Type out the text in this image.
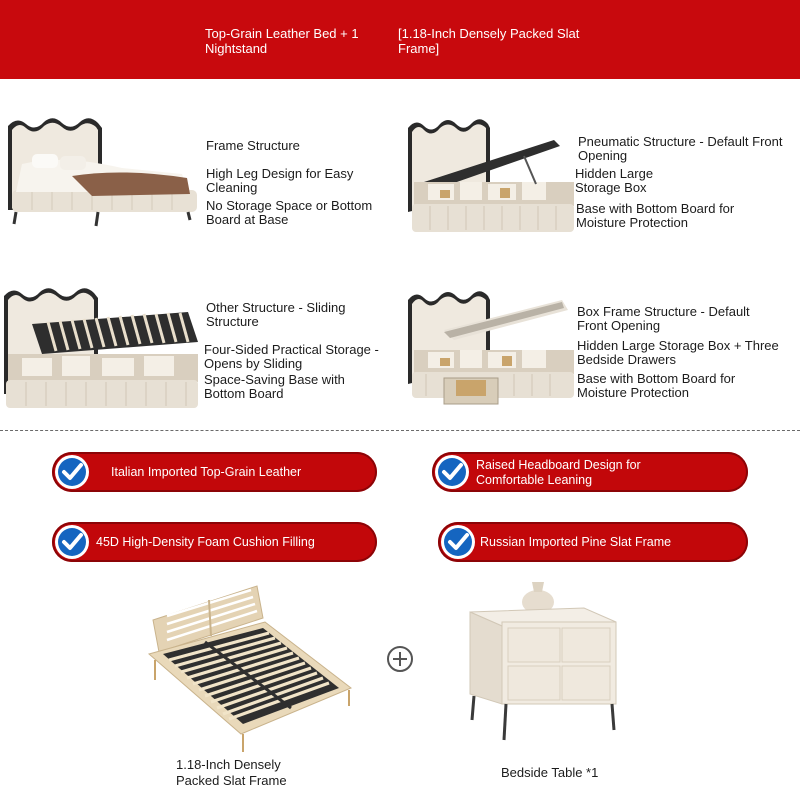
Top-Grain Leather Bed + 1 Nightstand
[1.18-Inch Densely Packed Slat Frame]
Frame Structure
High Leg Design for Easy Cleaning
No Storage Space or Bottom Board at Base
Pneumatic Structure - Default Front Opening
Hidden Large Storage Box
Base with Bottom Board for Moisture Protection
Other Structure - Sliding Structure
Four-Sided Practical Storage - Opens by Sliding
Space-Saving Base with Bottom Board
Box Frame Structure - Default Front Opening
Hidden Large Storage Box + Three Bedside Drawers
Base with Bottom Board for Moisture Protection
Italian Imported Top-Grain Leather	Raised Headboard Design for Comfortable Leaning
45D High-Density Foam Cushion Filling	Russian Imported Pine Slat Frame
1.18-Inch Densely Packed Slat Frame
Bedside Table *1
